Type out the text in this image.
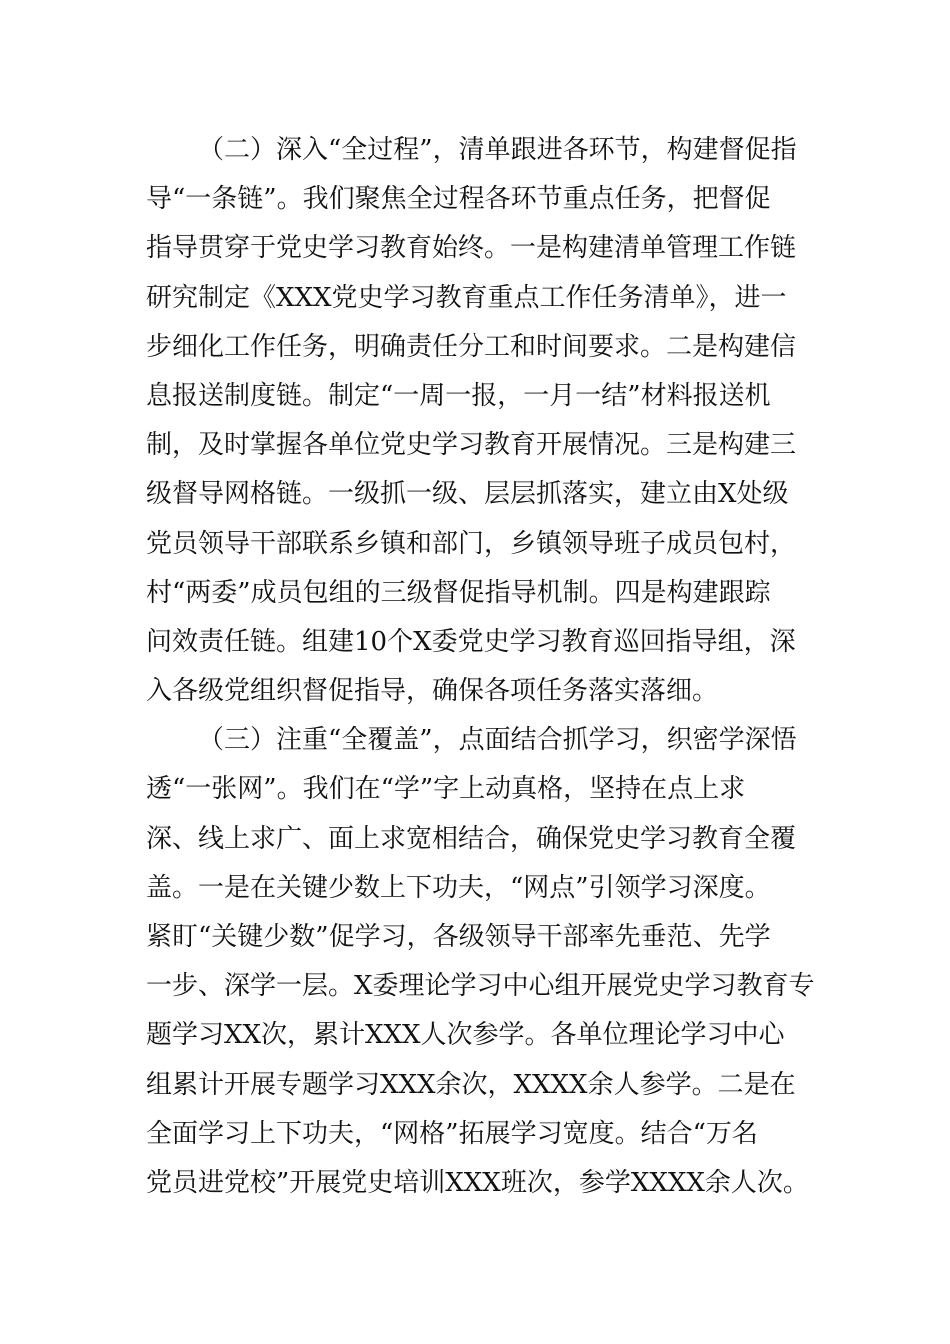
（二）深入“全过程”，清单跟进各环节，构建督促指
导“一条链”。我们聚焦全过程各环节重点任务，把督促
指导贯穿于党史学习教育始终。一是构建清单管理工作链
研究制定《XXX党史学习教育重点工作任务清单》，进一
步细化工作任务，明确责任分工和时间要求。二是构建信
息报送制度链。制定“一周一报，一月一结”材料报送机
制，及时掌握各单位党史学习教育开展情况。三是构建三
级督导网格链。一级抓一级、层层抓落实，建立由X处级
党员领导干部联系乡镇和部门，乡镇领导班子成员包村，
村“两委”成员包组的三级督促指导机制。四是构建跟踪
问效责任链。组建10个X委党史学习教育巡回指导组，深
入各级党组织督促指导，确保各项任务落实落细。
（三）注重“全覆盖”，点面结合抓学习，织密学深悟
透“一张网”。我们在“学”字上动真格，坚持在点上求
深、线上求广、面上求宽相结合，确保党史学习教育全覆
盖。一是在关键少数上下功夫，“网点”引领学习深度。
紧盯“关键少数”促学习，各级领导干部率先垂范、先学
一步、深学一层。X委理论学习中心组开展党史学习教育专
题学习XX次，累计XXX人次参学。各单位理论学习中心
组累计开展专题学习XXX余次，XXXX余人参学。二是在
全面学习上下功夫，“网格”拓展学习宽度。结合“万名
党员进党校”开展党史培训XXX班次，参学XXXX余人次。
